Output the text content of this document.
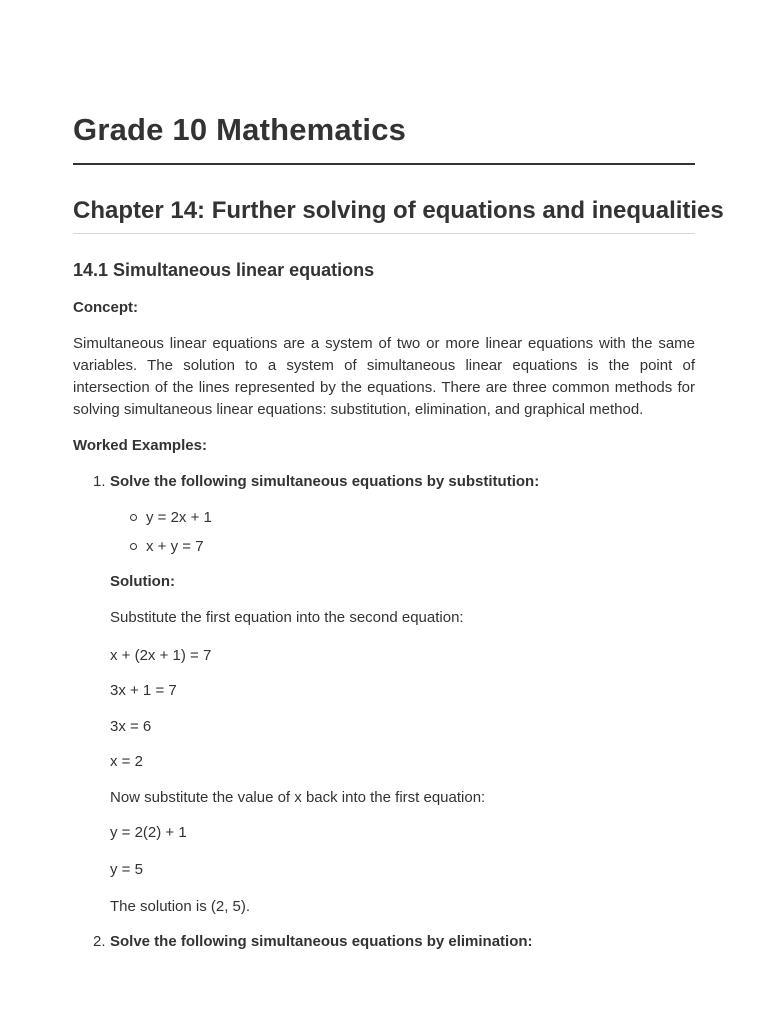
Grade 10 Mathematics
Chapter 14: Further solving of equations and inequalities
14.1 Simultaneous linear equations
Concept:

Simultaneous linear equations are a system of two or more linear equations with the same variables. The solution to a system of simultaneous linear equations is the point of intersection of the lines represented by the equations. There are three common methods for solving simultaneous linear equations: substitution, elimination, and graphical method.

Worked Examples:
1. Solve the following simultaneous equations by substitution:
y = 2x + 1
x + y = 7
Solution:
Substitute the first equation into the second equation:
x + (2x + 1) = 7
3x + 1 = 7
3x = 6
x = 2
Now substitute the value of x back into the first equation:
y = 2(2) + 1
y = 5
The solution is (2, 5).
2. Solve the following simultaneous equations by elimination:
